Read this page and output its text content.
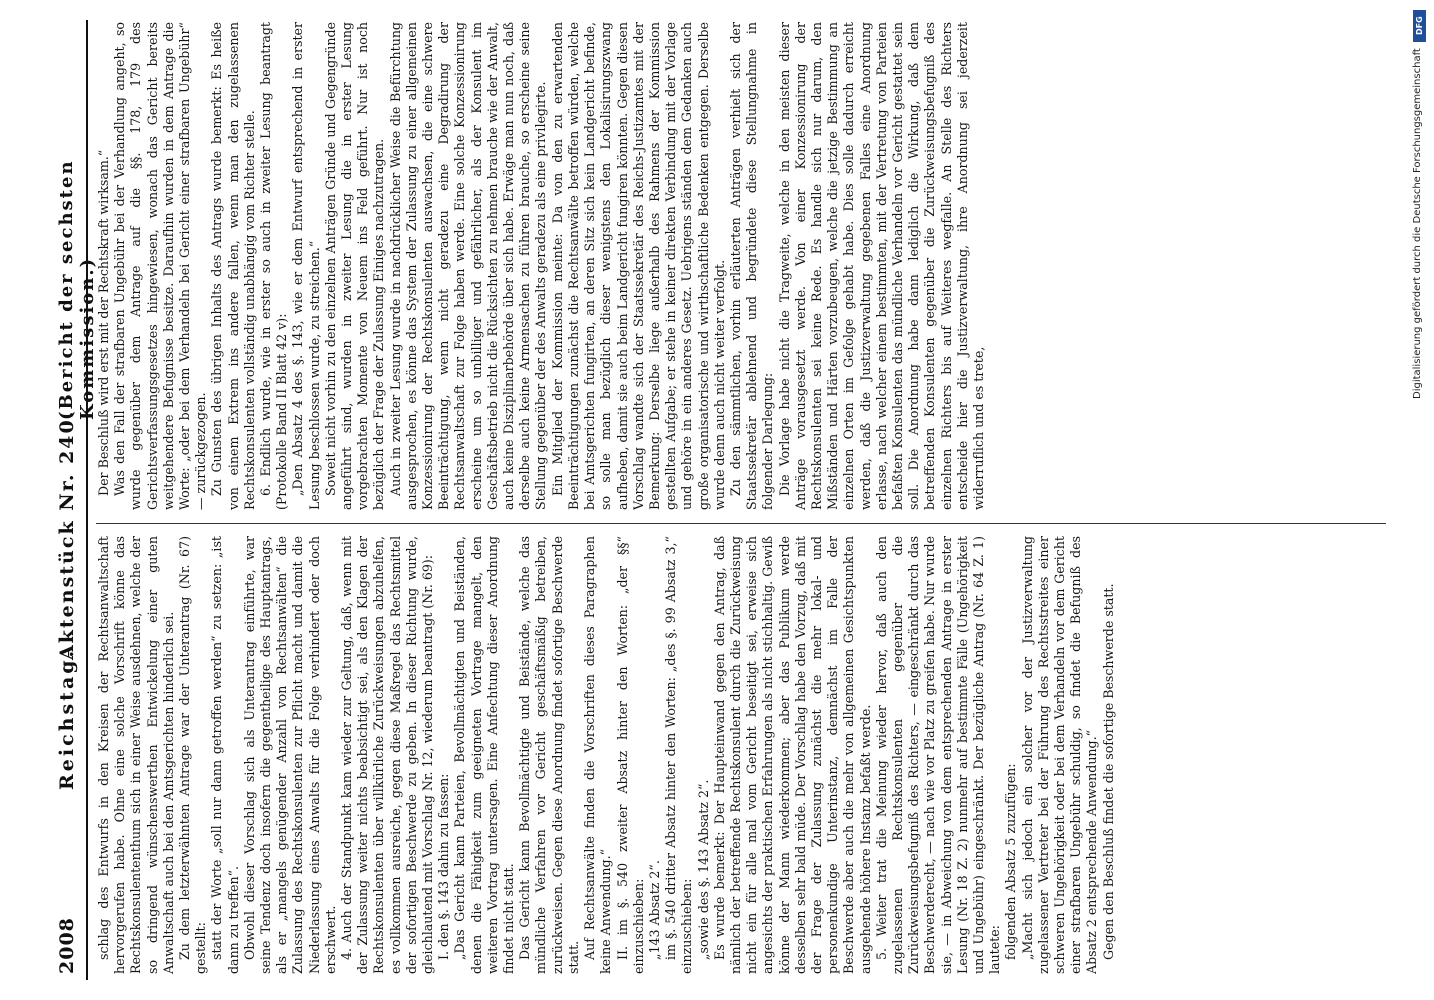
2008
Reichstag.
Aktenstück Nr. 240.
(Bericht der sechsten Kommission.)

schlag des Entwurfs in den Kreisen der Rechtsanwaltschaft hervorgerufen habe. Ohne eine solche Vorschrift könne das Rechtskonsulententhum sich in einer Weise ausdehnen, welche der so dringend wünschenswerthen Entwickelung einer guten Anwaltschaft auch bei den Amtsgerichten hinderlich sei. Zu dem letzterwähnten Antrage war der Unterantrag (Nr. 67) gestellt: statt der Worte „soll nur dann getroffen werden“ zu setzen: „ist dann zu treffen“. Obwohl dieser Vorschlag sich als Unterantrag einführte, war seine Tendenz doch insofern die gegentheilige des Hauptantrags, als er „mangels genügender Anzahl von Rechtsanwälten“ die Zulassung des Rechtskonsulenten zur Pflicht macht und damit die Niederlassung eines Anwalts für die Folge verhindert oder doch erschwert. 4. Auch der Standpunkt kam wieder zur Geltung, daß, wenn mit der Zulassung weiter nichts beabsichtigt sei, als den Klagen der Rechtskonsulenten über willkürliche Zurückweisungen abzuhelfen, es vollkommen ausreiche, gegen diese Maßregel das Rechtsmittel der sofortigen Beschwerde zu geben. In dieser Richtung wurde, gleichlautend mit Vorschlag Nr. 12, wiederum beantragt (Nr. 69): I. den §. 143 dahin zu fassen: „Das Gericht kann Parteien, Bevollmächtigten und Beiständen, denen die Fähigkeit zum geeigneten Vortrage mangelt, den weiteren Vortrag untersagen. Eine Anfechtung dieser Anordnung findet nicht statt. Das Gericht kann Bevollmächtigte und Beistände, welche das mündliche Verfahren vor Gericht geschäftsmäßig betreiben, zurückweisen. Gegen diese Anordnung findet sofortige Beschwerde statt. Auf Rechtsanwälte finden die Vorschriften dieses Paragraphen keine Anwendung.“ II. im §. 540 zweiter Absatz hinter den Worten: „der §§“ einzuschieben: „143 Absatz 2“. im §. 540 dritter Absatz hinter den Worten: „des §. 99 Absatz 3,“ einzuschieben: „sowie des §. 143 Absatz 2“. Es wurde bemerkt: Der Haupteinwand gegen den Antrag, daß nämlich der betreffende Rechtskonsulent durch die Zurückweisung nicht ein für alle mal vom Gericht beseitigt sei, erweise sich angesichts der praktischen Erfahrungen als nicht stichhaltig. Gewiß könne der Mann wiederkommen; aber das Publikum werde desselben sehr bald müde. Der Vorschlag habe den Vorzug, daß mit der Frage der Zulassung zunächst die mehr lokal- und personenkundige Unterinstanz, demnächst im Falle der Beschwerde aber auch die mehr von allgemeinen Gesichtspunkten ausgehende höhere Instanz befaßt werde. 5. Weiter trat die Meinung wieder hervor, daß auch den zugelassenen Rechtskonsulenten gegenüber die Zurückweisungsbefugniß des Richters, — eingeschränkt durch das Beschwerderecht, — nach wie vor Platz zu greifen habe. Nur wurde sie, — in Abweichung von dem entsprechenden Antrage in erster Lesung (Nr. 18 Z. 2) nunmehr auf bestimmte Fälle (Ungehörigkeit und Ungebühr) eingeschränkt. Der bezügliche Antrag (Nr. 64 Z. 1) lautete: folgenden Absatz 5 zuzufügen: „Macht sich jedoch ein solcher vor der Justizverwaltung zugelassener Vertreter bei der Führung des Rechtsstreites einer schweren Ungehörigkeit oder bei dem Verhandeln vor dem Gericht einer strafbaren Ungebühr schuldig, so findet die Befugniß des Absatz 2 entsprechende Anwendung.“ Gegen den Beschluß findet die sofortige Beschwerde statt.

Der Beschluß wird erst mit der Rechtskraft wirksam.“ Was den Fall der strafbaren Ungebühr bei der Verhandlung angeht, so wurde gegenüber dem Antrage auf die §§. 178, 179 des Gerichtsverfassungsgesetzes hingewiesen, wonach das Gericht bereits weitgehendere Befugnisse besitze. Daraufhin wurden in dem Antrage die Worte: „oder bei dem Verhandeln bei Gericht einer strafbaren Ungebühr“ — zurückgezogen. Zu Gunsten des übrigen Inhalts des Antrags wurde bemerkt: Es heiße von einem Extrem ins andere fallen, wenn man den zugelassenen Rechtskonsulenten vollständig unabhängig vom Richter stelle. 6. Endlich wurde, wie in erster so auch in zweiter Lesung beantragt (Protokolle Band II Blatt 42 v): „Den Absatz 4 des §. 143, wie er dem Entwurf entsprechend in erster Lesung beschlossen wurde, zu streichen.“ Soweit nicht vorhin zu den einzelnen Anträgen Gründe und Gegengründe angeführt sind, wurden in zweiter Lesung die in erster Lesung vorgebrachten Momente von Neuem ins Feld geführt. Nur ist noch bezüglich der Frage der Zulassung Einiges nachzutragen. Auch in zweiter Lesung wurde in nachdrücklicher Weise die Befürchtung ausgesprochen, es könne das System der Zulassung zu einer allgemeinen Konzessionirung der Rechtskonsulenten auswachsen, die eine schwere Beeinträchtigung, wenn nicht geradezu eine Degradirung der Rechtsanwaltschaft zur Folge haben werde. Eine solche Konzessionirung erscheine um so unbilliger und gefährlicher, als der Konsulent im Geschäftsbetrieb nicht die Rücksichten zu nehmen brauche wie der Anwalt, auch keine Disziplinarbehörde über sich habe. Erwäge man nun noch, daß derselbe auch keine Armensachen zu führen brauche, so erscheine seine Stellung gegenüber der des Anwalts geradezu als eine privilegirte. Ein Mitglied der Kommission meinte: Da von den zu erwartenden Beeinträchtigungen zunächst die Rechtsanwälte betroffen würden, welche bei Amtsgerichten fungirten, an deren Sitz sich kein Landgericht befinde, so solle man bezüglich dieser wenigstens den Lokalisirungszwang aufheben, damit sie auch beim Landgericht fungiren könnten. Gegen diesen Vorschlag wandte sich der Staatssekretär des Reichs-Justizamtes mit der Bemerkung: Derselbe liege außerhalb des Rahmens der Kommission gestellten Aufgabe; er stehe in keiner direkten Verbindung mit der Vorlage und gehöre in ein anderes Gesetz. Uebrigens ständen dem Gedanken auch große organisatorische und wirthschaftliche Bedenken entgegen. Derselbe wurde denn auch nicht weiter verfolgt. Zu den sämmtlichen, vorhin erläuterten Anträgen verhielt sich der Staatssekretär ablehnend und begründete diese Stellungnahme in folgender Darlegung: Die Vorlage habe nicht die Tragweite, welche in den meisten dieser Anträge vorausgesetzt werde. Von einer Konzessionirung der Rechtskonsulenten sei keine Rede. Es handle sich nur darum, den Mißständen und Härten vorzubeugen, welche die jetzige Bestimmung an einzelnen Orten im Gefolge gehabt habe. Dies solle dadurch erreicht werden, daß die Justizverwaltung gegebenen Falles eine Anordnung erlasse, nach welcher einem bestimmten, mit der Vertretung von Parteien befaßten Konsulenten das mündliche Verhandeln vor Gericht gestattet sein soll. Die Anordnung habe dann lediglich die Wirkung, daß dem betreffenden Konsulenten gegenüber die Zurückweisungsbefugniß des einzelnen Richters bis auf Weiteres wegfalle. An Stelle des Richters entscheide hier die Justizverwaltung, ihre Anordnung sei jederzeit widerruflich und es trete,

DFG
Digitalisierung gefördert durch die Deutsche Forschungsgemeinschaft
